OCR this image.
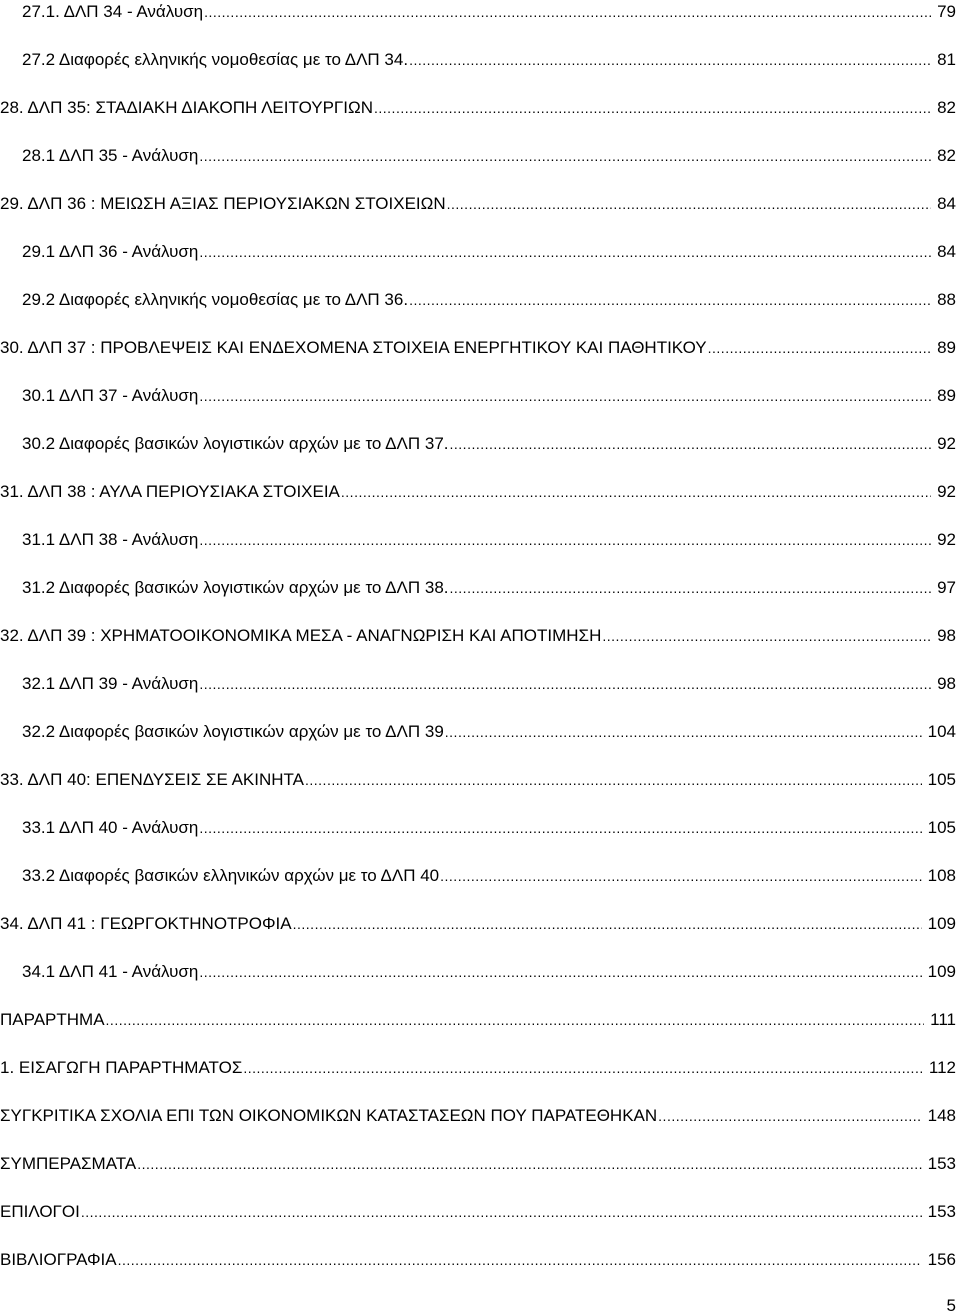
27.1. ΔΛΠ 34 - Ανάλυση .....	79
27.2 Διαφορές ελληνικής νομοθεσίας με το ΔΛΠ 34. .....	81
28. ΔΛΠ 35: ΣΤΑΔΙΑΚΗ ΔΙΑΚΟΠΗ ΛΕΙΤΟΥΡΓΙΩΝ .....	82
28.1 ΔΛΠ 35 - Ανάλυση .....	82
29. ΔΛΠ 36 : ΜΕΙΩΣΗ ΑΞΙΑΣ ΠΕΡΙΟΥΣΙΑΚΩΝ ΣΤΟΙΧΕΙΩΝ .....	84
29.1 ΔΛΠ 36 - Ανάλυση .....	84
29.2 Διαφορές ελληνικής νομοθεσίας με το ΔΛΠ 36. .....	88
30. ΔΛΠ 37 : ΠΡΟΒΛΕΨΕΙΣ ΚΑΙ ΕΝΔΕΧΟΜΕΝΑ ΣΤΟΙΧΕΙΑ ΕΝΕΡΓΗΤΙΚΟΥ ΚΑΙ ΠΑΘΗΤΙΚΟΥ .....	89
30.1 ΔΛΠ 37 - Ανάλυση .....	89
30.2 Διαφορές βασικών λογιστικών αρχών με το ΔΛΠ 37. .....	92
31. ΔΛΠ 38 : ΑΥΛΑ ΠΕΡΙΟΥΣΙΑΚΑ ΣΤΟΙΧΕΙΑ .....	92
31.1 ΔΛΠ 38 - Ανάλυση .....	92
31.2 Διαφορές βασικών λογιστικών αρχών με το ΔΛΠ 38. .....	97
32. ΔΛΠ 39 : ΧΡΗΜΑΤΟΟΙΚΟΝΟΜΙΚΑ ΜΕΣΑ - ΑΝΑΓΝΩΡΙΣΗ ΚΑΙ ΑΠΟΤΙΜΗΣΗ .....	98
32.1 ΔΛΠ 39 - Ανάλυση .....	98
32.2 Διαφορές βασικών λογιστικών αρχών με το ΔΛΠ 39 .....	104
33. ΔΛΠ 40: ΕΠΕΝΔΥΣΕΙΣ ΣΕ ΑΚΙΝΗΤΑ .....	105
33.1 ΔΛΠ 40 - Ανάλυση .....	105
33.2 Διαφορές βασικών ελληνικών αρχών με το ΔΛΠ 40 .....	108
34. ΔΛΠ 41 : ΓΕΩΡΓΟΚΤΗΝΟΤΡΟΦΙΑ .....	109
34.1 ΔΛΠ 41 - Ανάλυση .....	109
ΠΑΡΑΡΤΗΜΑ .....	111
1. ΕΙΣΑΓΩΓΗ ΠΑΡΑΡΤΗΜΑΤΟΣ .....	112
ΣΥΓΚΡΙΤΙΚΑ ΣΧΟΛΙΑ ΕΠΙ ΤΩΝ ΟΙΚΟΝΟΜΙΚΩΝ ΚΑΤΑΣΤΑΣΕΩΝ ΠΟΥ ΠΑΡΑΤΕΘΗΚΑΝ .....	148
ΣΥΜΠΕΡΑΣΜΑΤΑ .....	153
ΕΠΙΛΟΓΟΙ .....	153
ΒΙΒΛΙΟΓΡΑΦΙΑ .....	156
5
